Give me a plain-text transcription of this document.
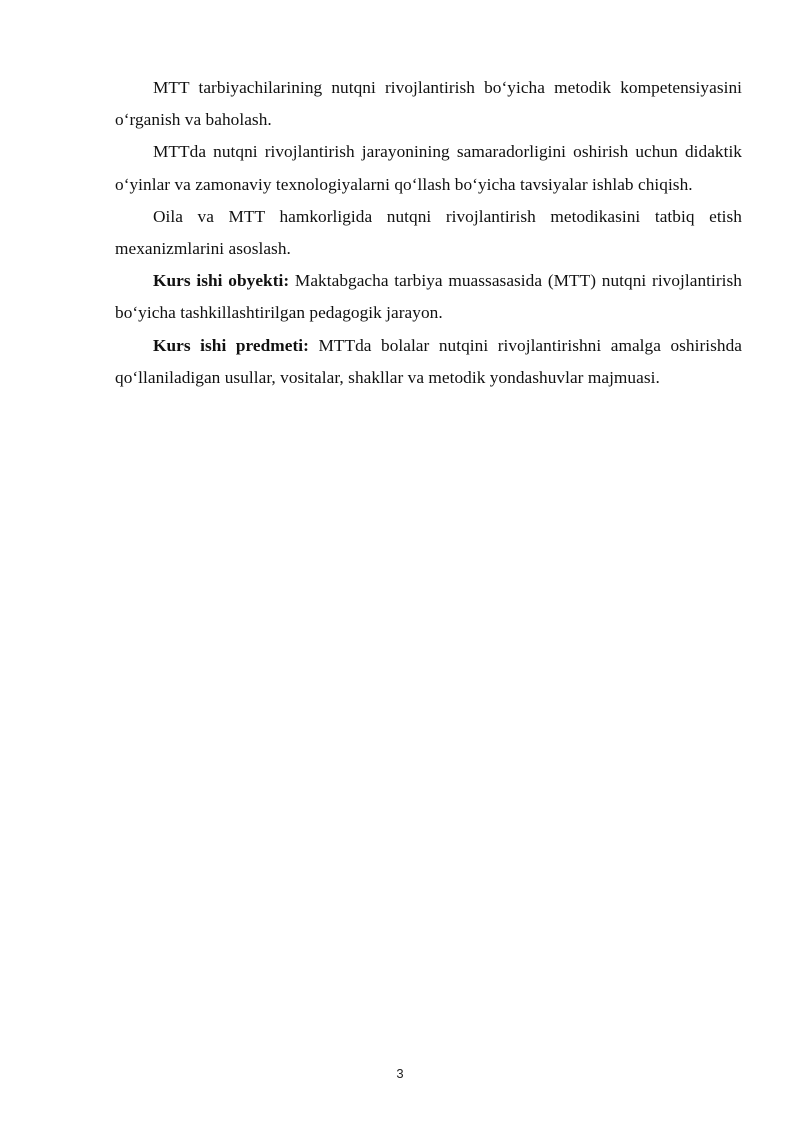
MTT tarbiyachilarining nutqni rivojlantirish bo‘yicha metodik kompetensiyasini o‘rganish va baholash.

MTTda nutqni rivojlantirish jarayonining samaradorligini oshirish uchun didaktik o‘yinlar va zamonaviy texnologiyalarni qo‘llash bo‘yicha tavsiyalar ishlab chiqish.

Oila va MTT hamkorligida nutqni rivojlantirish metodikasini tatbiq etish mexanizmlarini asoslash.

Kurs ishi obyekti: Maktabgacha tarbiya muassasasida (MTT) nutqni rivojlantirish bo‘yicha tashkillashtirilgan pedagogik jarayon.

Kurs ishi predmeti: MTTda bolalar nutqini rivojlantirishni amalga oshirishda qo‘llaniladigan usullar, vositalar, shakllar va metodik yondashuvlar majmuasi.

3
